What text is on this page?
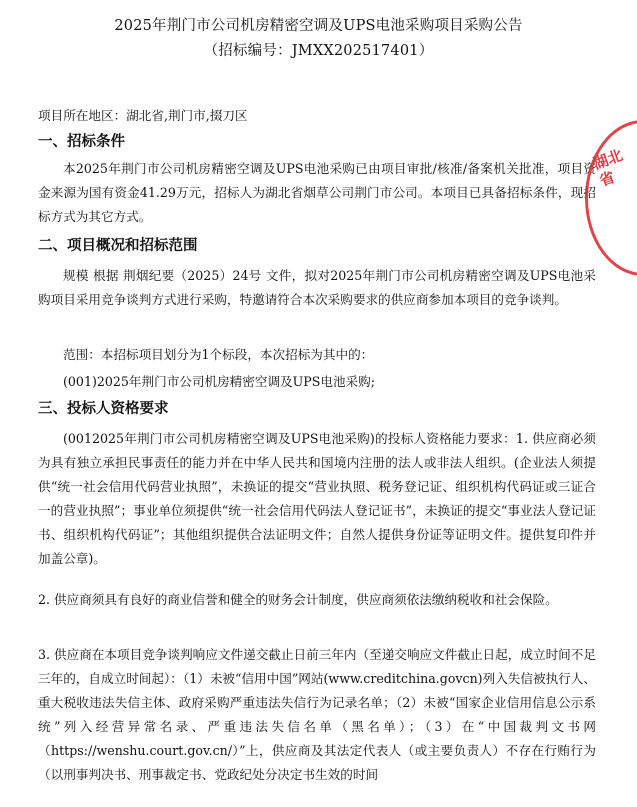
2025年荆门市公司机房精密空调及UPS电池采购项目采购公告
（招标编号：JMXX202517401）
项目所在地区：湖北省,荆门市,掇刀区
一、招标条件
本2025年荆门市公司机房精密空调及UPS电池采购已由项目审批/核准/备案机关批准，项目资金来源为国有资金41.29万元，招标人为湖北省烟草公司荆门市公司。本项目已具备招标条件，现招标方式为其它方式。
二、项目概况和招标范围
规模 根据 荆烟纪要（2025）24号 文件，拟对2025年荆门市公司机房精密空调及UPS电池采购项目采用竞争谈判方式进行采购，特邀请符合本次采购要求的供应商参加本项目的竞争谈判。
范围：本招标项目划分为1个标段，本次招标为其中的：
(001)2025年荆门市公司机房精密空调及UPS电池采购;
三、投标人资格要求
(0012025年荆门市公司机房精密空调及UPS电池采购)的投标人资格能力要求：1. 供应商必须为具有独立承担民事责任的能力并在中华人民共和国境内注册的法人或非法人组织。(企业法人须提供“统一社会信用代码营业执照”，未换证的提交“营业执照、税务登记证、组织机构代码证或三证合一的营业执照”；事业单位须提供“统一社会信用代码法人登记证书”，未换证的提交“事业法人登记证书、组织机构代码证”；其他组织提供合法证明文件；自然人提供身份证等证明文件。提供复印件并加盖公章)。
2. 供应商须具有良好的商业信誉和健全的财务会计制度，供应商须依法缴纳税收和社会保险。
3. 供应商在本项目竞争谈判响应文件递交截止日前三年内（至递交响应文件截止日起，成立时间不足三年的，自成立时间起）：（1）未被“信用中国”网站(www.creditchina.govcn)列入失信被执行人、重大税收违法失信主体、政府采购严重违法失信行为记录名单；（2）未被“国家企业信用信息公示系统”列入经营异常名录、严重违法失信名单（黑名单）；（3）在“中国裁判文书网（https://wenshu.court.gov.cn/）”上，供应商及其法定代表人（或主要负责人）不存在行贿行为（以刑事判决书、刑事裁定书、党政纪处分决定书生效的时间
湖北省
